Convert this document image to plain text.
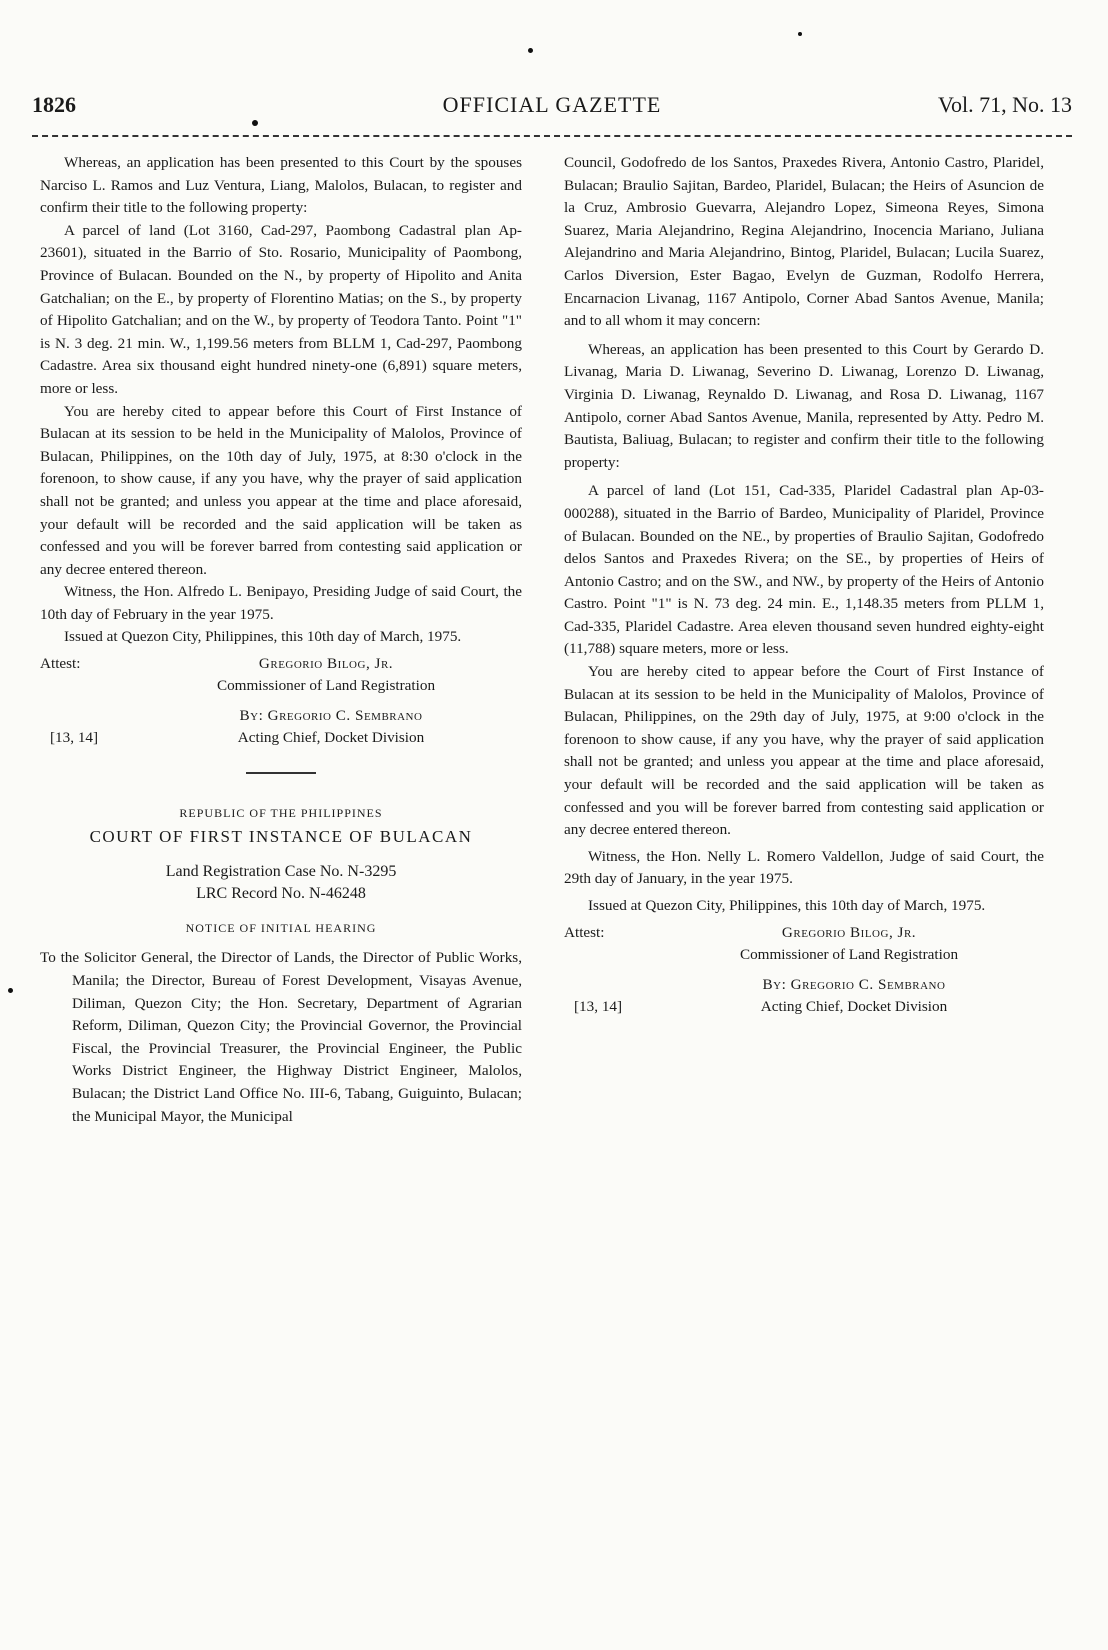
1826	OFFICIAL GAZETTE	Vol. 71, No. 13

Whereas, an application has been presented to this Court by the spouses Narciso L. Ramos and Luz Ventura, Liang, Malolos, Bulacan, to register and confirm their title to the following property:

A parcel of land (Lot 3160, Cad-297, Paombong Cadastral plan Ap-23601), situated in the Barrio of Sto. Rosario, Municipality of Paombong, Province of Bulacan. Bounded on the N., by property of Hipolito and Anita Gatchalian; on the E., by property of Florentino Matias; on the S., by property of Hipolito Gatchalian; and on the W., by property of Teodora Tanto. Point "1" is N. 3 deg. 21 min. W., 1,199.56 meters from BLLM 1, Cad-297, Paombong Cadastre. Area six thousand eight hundred ninety-one (6,891) square meters, more or less.

You are hereby cited to appear before this Court of First Instance of Bulacan at its session to be held in the Municipality of Malolos, Province of Bulacan, Philippines, on the 10th day of July, 1975, at 8:30 o'clock in the forenoon, to show cause, if any you have, why the prayer of said application shall not be granted; and unless you appear at the time and place aforesaid, your default will be recorded and the said application will be taken as confessed and you will be forever barred from contesting said application or any decree entered thereon.

Witness, the Hon. Alfredo L. Benipayo, Presiding Judge of said Court, the 10th day of February in the year 1975.

Issued at Quezon City, Philippines, this 10th day of March, 1975.

Attest:	Gregorio Bilog, Jr.
Commissioner of Land Registration
[13, 14]
By: Gregorio C. Sembrano
Acting Chief, Docket Division

REPUBLIC OF THE PHILIPPINES

COURT OF FIRST INSTANCE OF BULACAN

Land Registration Case No. N-3295

LRC Record No. N-46248

NOTICE OF INITIAL HEARING

To the Solicitor General, the Director of Lands, the Director of Public Works, Manila; the Director, Bureau of Forest Development, Visayas Avenue, Diliman, Quezon City; the Hon. Secretary, Department of Agrarian Reform, Diliman, Quezon City; the Provincial Governor, the Provincial Fiscal, the Provincial Treasurer, the Provincial Engineer, the Public Works District Engineer, the Highway District Engineer, Malolos, Bulacan; the District Land Office No. III-6, Tabang, Guiguinto, Bulacan; the Municipal Mayor, the Municipal

Council, Godofredo de los Santos, Praxedes Rivera, Antonio Castro, Plaridel, Bulacan; Braulio Sajitan, Bardeo, Plaridel, Bulacan; the Heirs of Asuncion de la Cruz, Ambrosio Guevarra, Alejandro Lopez, Simeona Reyes, Simona Suarez, Maria Alejandrino, Regina Alejandrino, Inocencia Mariano, Juliana Alejandrino and Maria Alejandrino, Bintog, Plaridel, Bulacan; Lucila Suarez, Carlos Diversion, Ester Bagao, Evelyn de Guzman, Rodolfo Herrera, Encarnacion Livanag, 1167 Antipolo, Corner Abad Santos Avenue, Manila; and to all whom it may concern:

Whereas, an application has been presented to this Court by Gerardo D. Livanag, Maria D. Liwanag, Severino D. Liwanag, Lorenzo D. Liwanag, Virginia D. Liwanag, Reynaldo D. Liwanag, and Rosa D. Liwanag, 1167 Antipolo, corner Abad Santos Avenue, Manila, represented by Atty. Pedro M. Bautista, Baliuag, Bulacan; to register and confirm their title to the following property:

A parcel of land (Lot 151, Cad-335, Plaridel Cadastral plan Ap-03-000288), situated in the Barrio of Bardeo, Municipality of Plaridel, Province of Bulacan. Bounded on the NE., by properties of Braulio Sajitan, Godofredo delos Santos and Praxedes Rivera; on the SE., by properties of Heirs of Antonio Castro; and on the SW., and NW., by property of the Heirs of Antonio Castro. Point "1" is N. 73 deg. 24 min. E., 1,148.35 meters from PLLM 1, Cad-335, Plaridel Cadastre. Area eleven thousand seven hundred eighty-eight (11,788) square meters, more or less.

You are hereby cited to appear before the Court of First Instance of Bulacan at its session to be held in the Municipality of Malolos, Province of Bulacan, Philippines, on the 29th day of July, 1975, at 9:00 o'clock in the forenoon to show cause, if any you have, why the prayer of said application shall not be granted; and unless you appear at the time and place aforesaid, your default will be recorded and the said application will be taken as confessed and you will be forever barred from contesting said application or any decree entered thereon.

Witness, the Hon. Nelly L. Romero Valdellon, Judge of said Court, the 29th day of January, in the year 1975.

Issued at Quezon City, Philippines, this 10th day of March, 1975.

Attest:	Gregorio Bilog, Jr.
Commissioner of Land Registration
[13, 14]
By: Gregorio C. Sembrano
Acting Chief, Docket Division
